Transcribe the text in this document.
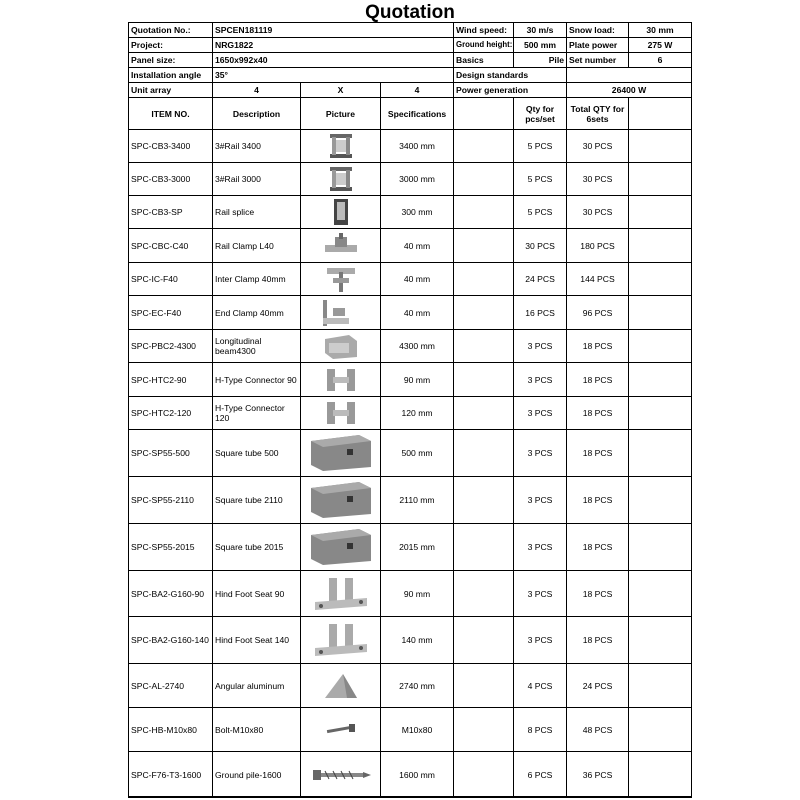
Quotation
Quotation No.:	SPCEN181119			Wind speed:	30 m/s	Snow load:	30 mm
Project:	NRG1822			Ground height:	500 mm	Plate power	275 W
Panel size:	1650x992x40			Basics	Pile	Set number	6
Installation angle	35°			Design standards			
Unit array	4	X	4	Power generation		26400 W	
ITEM NO.	Description	Picture	Specifications		Qty for pcs/set	Total QTY for 6sets	
SPC-CB3-3400	3#Rail 3400		3400 mm		5 PCS	30 PCS	
SPC-CB3-3000	3#Rail 3000		3000 mm		5 PCS	30 PCS	
SPC-CB3-SP	Rail splice		300 mm		5 PCS	30 PCS	
SPC-CBC-C40	Rail Clamp L40		40 mm		30 PCS	180 PCS	
SPC-IC-F40	Inter Clamp 40mm		40 mm		24 PCS	144 PCS	
SPC-EC-F40	End Clamp 40mm		40 mm		16 PCS	96 PCS	
SPC-PBC2-4300	Longitudinal beam4300		4300 mm		3 PCS	18 PCS	
SPC-HTC2-90	H-Type Connector 90		90 mm		3 PCS	18 PCS	
SPC-HTC2-120	H-Type Connector 120		120 mm		3 PCS	18 PCS	
SPC-SP55-500	Square tube 500		500 mm		3 PCS	18 PCS	
SPC-SP55-2110	Square tube 2110		2110 mm		3 PCS	18 PCS	
SPC-SP55-2015	Square tube 2015		2015 mm		3 PCS	18 PCS	
SPC-BA2-G160-90	Hind Foot Seat 90		90 mm		3 PCS	18 PCS	
SPC-BA2-G160-140	Hind Foot Seat 140		140 mm		3 PCS	18 PCS	
SPC-AL-2740	Angular aluminum		2740 mm		4 PCS	24 PCS	
SPC-HB-M10x80	Bolt-M10x80		M10x80		8 PCS	48 PCS	
SPC-F76-T3-1600	Ground pile-1600		1600 mm		6 PCS	36 PCS	
